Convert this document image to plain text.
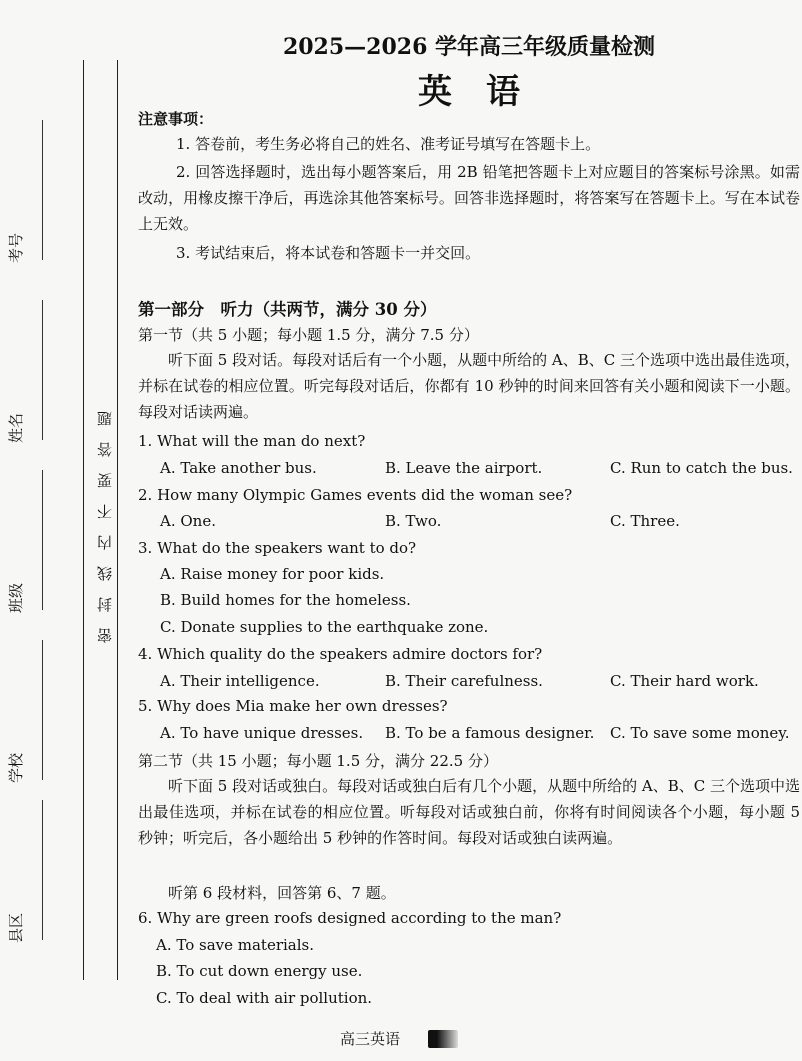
考号
姓名
班级
学校
县区
密封线内不要答题
2025—2026 学年高三年级质量检测
英语
注意事项：
1. 答卷前，考生务必将自己的姓名、准考证号填写在答题卡上。
2. 回答选择题时，选出每小题答案后，用 2B 铅笔把答题卡上对应题目的答案标号涂黑。如需改动，用橡皮擦干净后，再选涂其他答案标号。回答非选择题时，将答案写在答题卡上。写在本试卷上无效。
3. 考试结束后，将本试卷和答题卡一并交回。
第一部分　听力（共两节，满分 30 分）
第一节（共 5 小题；每小题 1.5 分，满分 7.5 分）
听下面 5 段对话。每段对话后有一个小题，从题中所给的 A、B、C 三个选项中选出最佳选项，并标在试卷的相应位置。听完每段对话后，你都有 10 秒钟的时间来回答有关小题和阅读下一小题。每段对话读两遍。
1. What will the man do next?
A. Take another bus.	B. Leave the airport.	C. Run to catch the bus.
2. How many Olympic Games events did the woman see?
A. One.	B. Two.	C. Three.
3. What do the speakers want to do?
A. Raise money for poor kids.
B. Build homes for the homeless.
C. Donate supplies to the earthquake zone.
4. Which quality do the speakers admire doctors for?
A. Their intelligence.	B. Their carefulness.	C. Their hard work.
5. Why does Mia make her own dresses?
A. To have unique dresses. B. To be a famous designer. C. To save some money.
第二节（共 15 小题；每小题 1.5 分，满分 22.5 分）
听下面 5 段对话或独白。每段对话或独白后有几个小题，从题中所给的 A、B、C 三个选项中选出最佳选项，并标在试卷的相应位置。听每段对话或独白前，你将有时间阅读各个小题，每小题 5 秒钟；听完后，各小题给出 5 秒钟的作答时间。每段对话或独白读两遍。
听第 6 段材料，回答第 6、7 题。
6. Why are green roofs designed according to the man?
A. To save materials.
B. To cut down energy use.
C. To deal with air pollution.
高三英语
